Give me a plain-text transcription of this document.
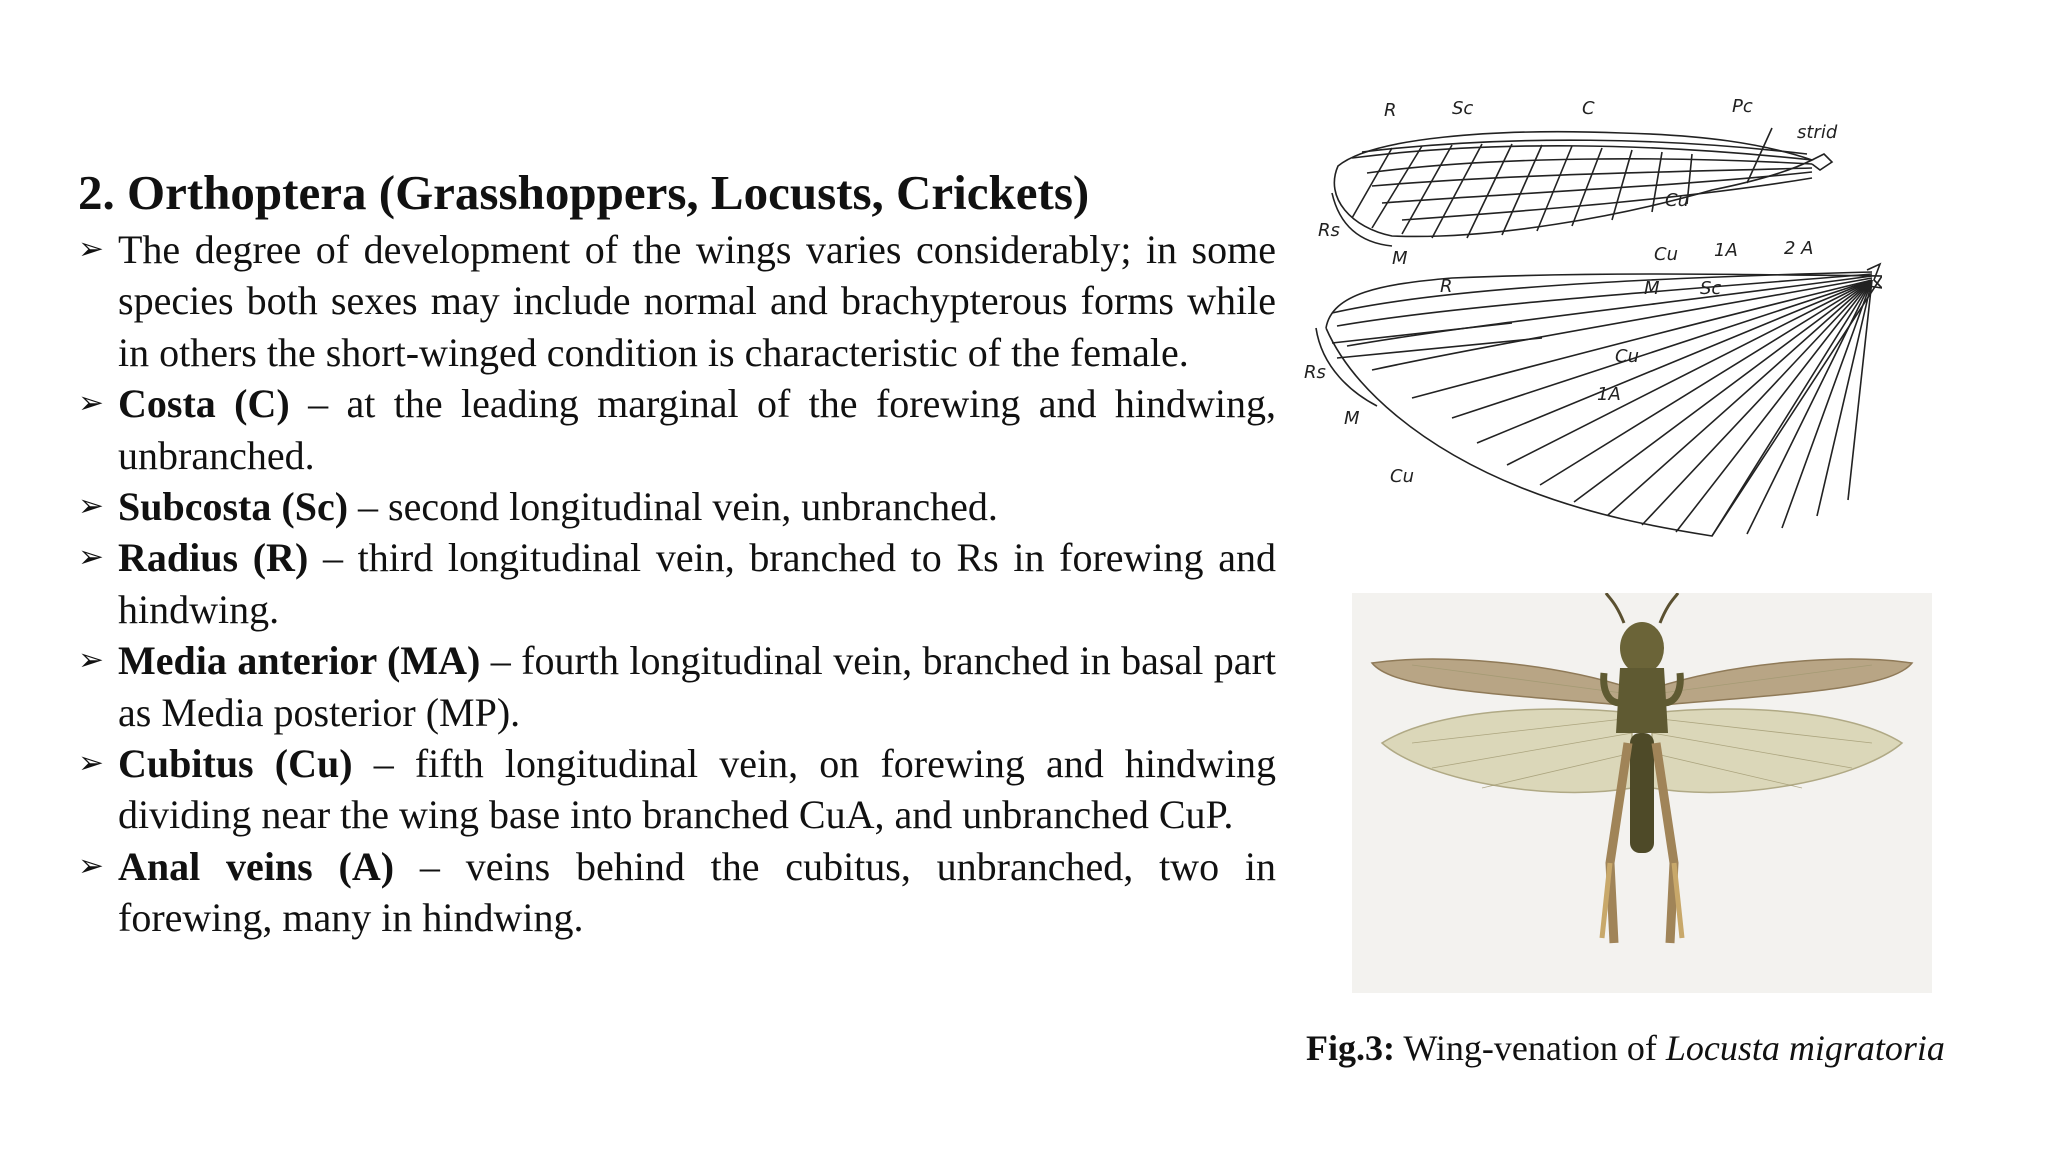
2. Orthoptera (Grasshoppers, Locusts, Crickets)
➢ The degree of development of the wings varies considerably; in some species both sexes may include normal and brachypterous forms while in others the short-winged condition is characteristic of the female.
➢ Costa (C) – at the leading marginal of the forewing and hindwing, unbranched.
➢ Subcosta (Sc) – second longitudinal vein, unbranched.
➢ Radius (R) – third longitudinal vein, branched to Rs in forewing and hindwing.
➢ Media anterior (MA) – fourth longitudinal vein, branched in basal part as Media posterior (MP).
➢ Cubitus (Cu) – fifth longitudinal vein, on forewing and hindwing dividing near the wing base into branched CuA, and unbranched CuP.
➢ Anal veins (A) – veins behind the cubitus, unbranched, two in forewing, many in hindwing.
R	Sc	C	Pc
strid
Rs
M
Cu
Cu 1A	2 A
R	M Sc
Cu
1A
Rs
M
Cu
Fig.3: Wing-venation of Locusta migratoria
